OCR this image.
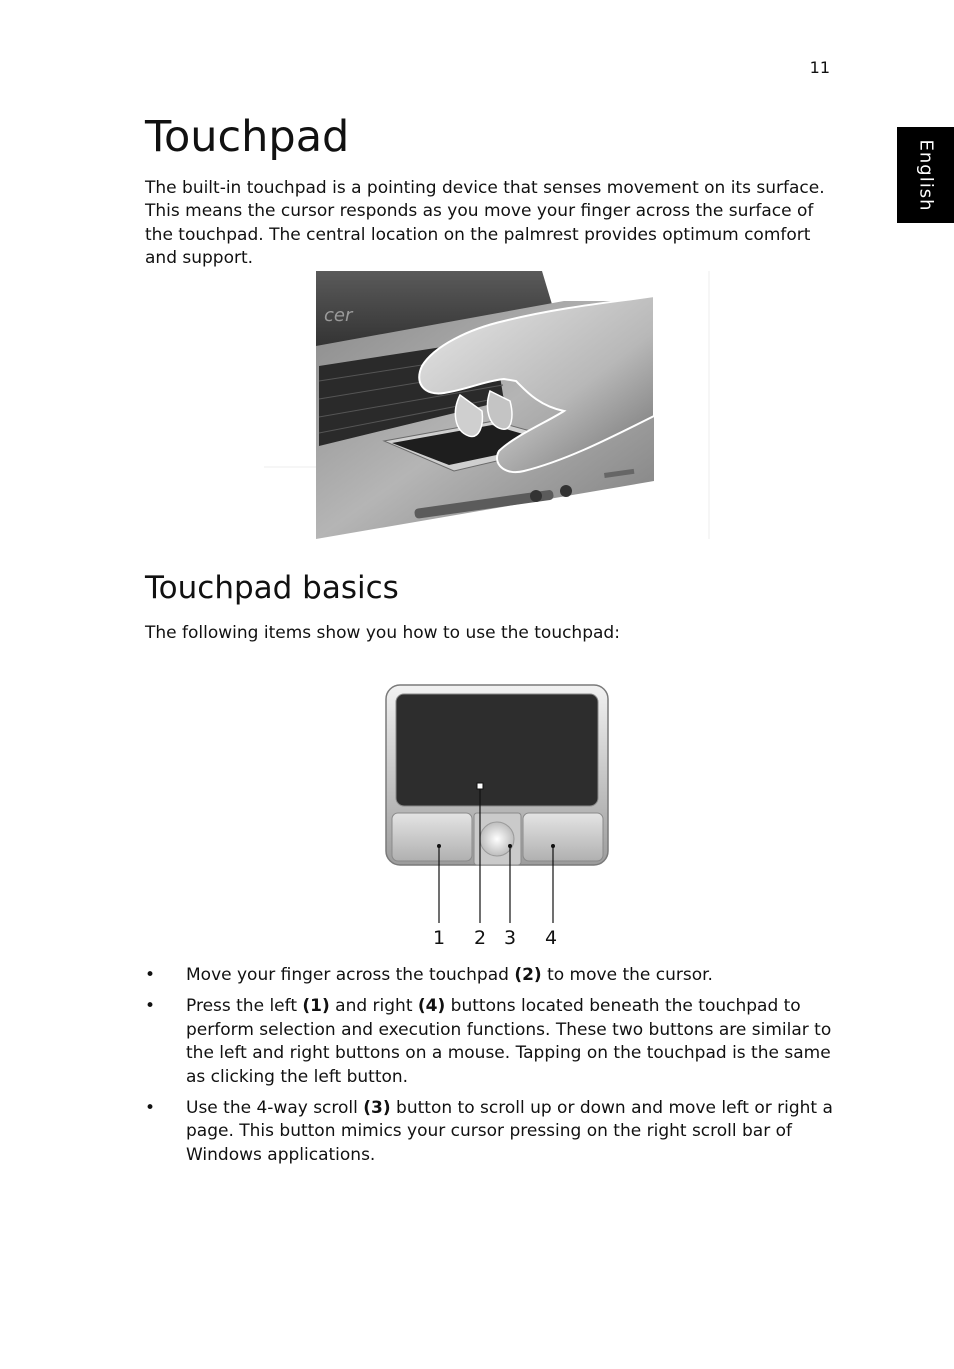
11
English
Touchpad

The built-in touchpad is a pointing device that senses movement on its surface. This means the cursor responds as you move your finger across the surface of the touchpad. The central location on the palmrest provides optimum comfort and support.

cer
Touchpad basics

The following items show you how to use the touchpad:

1 2 3 4
•	Move your finger across the touchpad (2) to move the cursor.
•	Press the left (1) and right (4) buttons located beneath the touchpad to perform selection and execution functions. These two buttons are similar to the left and right buttons on a mouse. Tapping on the touchpad is the same as clicking the left button.
•	Use the 4-way scroll (3) button to scroll up or down and move left or right a page. This button mimics your cursor pressing on the right scroll bar of Windows applications.
